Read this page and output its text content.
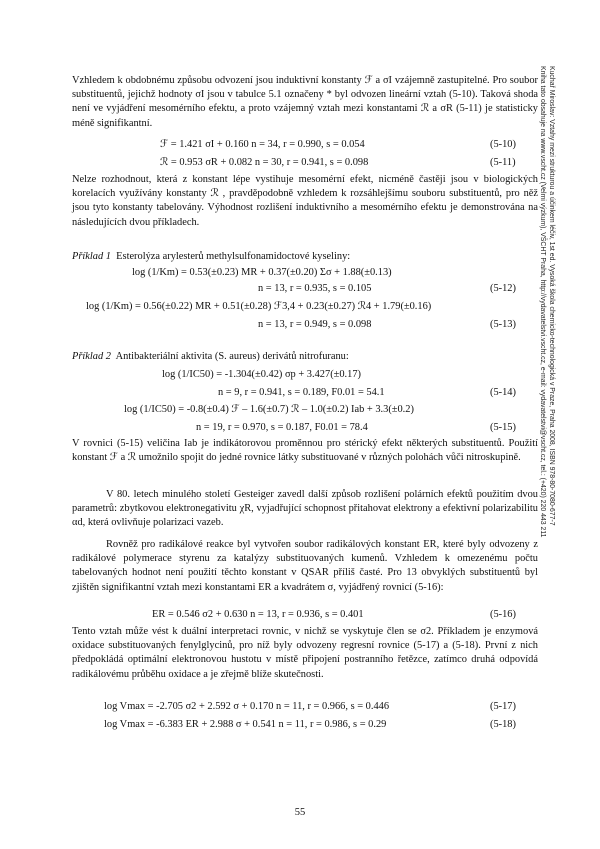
Kuchař Miroslav: Vztahy mezi strukturou a účinkem léčiv, 1st ed. Vysoká škola chemicko-technologická v Praze, Praha 2008, ISBN 978-80-7080-677-7
Kniha tato obsahuje na www.vscht.cz (Velmi výzkum), VŠCHT Praha, http://vydavatelstvi.vscht.cz, e-mail: vydavatelstvi@vscht.cz, tel.: (+420) 220 443 211

Vzhledem k obdobnému způsobu odvození jsou induktivní konstanty ℱ a σI vzájemně zastupitelné. Pro soubor substituentů, jejichž hodnoty σI jsou v tabulce 5.1 označeny * byl odvozen lineární vztah (5-10). Taková shoda není ve vyjádření mesomérního efektu, a proto vzájemný vztah mezi konstantami ℛ a σR (5-11) je statisticky méně signifikantní.

ℱ = 1.421 σI + 0.160 n = 34, r = 0.990, s = 0.054	(5-10)
ℛ = 0.953 σR + 0.082 n = 30, r = 0.941, s = 0.098	(5-11)

Nelze rozhodnout, která z konstant lépe vystihuje mesomérní efekt, nicméně častěji jsou v biologických korelacích využívány konstanty ℛ , pravděpodobně vzhledem k rozsáhlejšímu souboru substituentů, pro něž jsou tyto konstanty tabelovány. Výhodnost rozlišení induktivního a mesomérního efektu je demonstrována na následujících dvou příkladech.

Příklad 1 Esterolýza arylesterů methylsulfonamidoctové kyseliny:
log (1/Km) = 0.53(±0.23) MR + 0.37(±0.20) Σσ + 1.88(±0.13)
n = 13, r = 0.935, s = 0.105	(5-12)
log (1/Km) = 0.56(±0.22) MR + 0.51(±0.28) ℱ3,4 + 0.23(±0.27) ℛ4 + 1.79(±0.16)
n = 13, r = 0.949, s = 0.098	(5-13)
Příklad 2 Antibakteriální aktivita (S. aureus) derivátů nitrofuranu:
log (1/IC50) = -1.304(±0.42) σp + 3.427(±0.17)
n = 9, r = 0.941, s = 0.189, F0.01 = 54.1	(5-14)
log (1/IC50) = -0.8(±0.4) ℱ – 1.6(±0.7) ℛ – 1.0(±0.2) Iab + 3.3(±0.2)
n = 19, r = 0.970, s = 0.187, F0.01 = 78.4	(5-15)

V rovnici (5-15) veličina Iab je indikátorovou proměnnou pro stérický efekt některých substituentů. Použití konstant ℱ a ℛ umožnilo spojit do jedné rovnice látky substituované v různých polohách vůči nitroskupině.

V 80. letech minulého století Gesteiger zavedl další způsob rozlišení polárních efektů použitím dvou parametrů: zbytkovou elektronegativitu χR, vyjadřující schopnost přitahovat elektrony a efektivní polarizabilitu αd, která ovlivňuje polarizaci vazeb.

Rovněž pro radikálové reakce byl vytvořen soubor radikálových konstant ER, které byly odvozeny z radikálové polymerace styrenu za katalýzy substituovaných kumenů. Vzhledem k omezenému počtu tabelovaných hodnot není použití těchto konstant v QSAR příliš časté. Pro 13 obvyklých substituentů byl zjištěn signifikantní vztah mezi konstantami ER a kvadrátem σ, vyjádřený rovnicí (5-16):

ER = 0.546 σ2 + 0.630 n = 13, r = 0.936, s = 0.401	(5-16)

Tento vztah může vést k duální interpretaci rovnic, v nichž se vyskytuje člen se σ2. Příkladem je enzymová oxidace substituovaných fenylglycinů, pro níž byly odvozeny regresní rovnice (5-17) a (5-18). První z nich předpokládá optimální elektronovou hustotu v místě připojení postranního řetězce, zatímco druhá odpovídá radikálovému průběhu oxidace a je zřejmě blíže skutečnosti.

log Vmax = -2.705 σ2 + 2.592 σ + 0.170 n = 11, r = 0.966, s = 0.446	(5-17)
log Vmax = -6.383 ER + 2.988 σ + 0.541 n = 11, r = 0.986, s = 0.29	(5-18)
55
